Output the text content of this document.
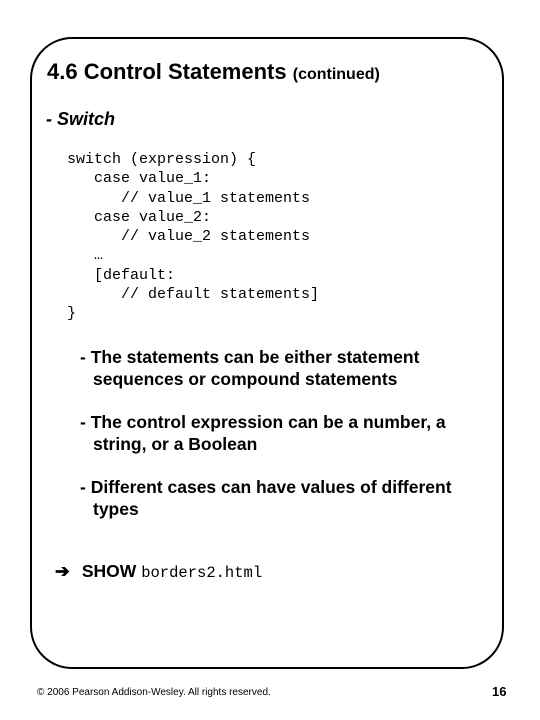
4.6 Control Statements (continued)
- Switch
switch (expression) {
case value_1:
// value_1 statements
case value_2:
// value_2 statements
…
[default:
// default statements]
}
- The statements can be either statement
sequences or compound statements
- The control expression can be a number, a
string, or a Boolean
- Different cases can have values of different
types
➔ SHOW borders2.html
© 2006 Pearson Addison-Wesley. All rights reserved.	16
